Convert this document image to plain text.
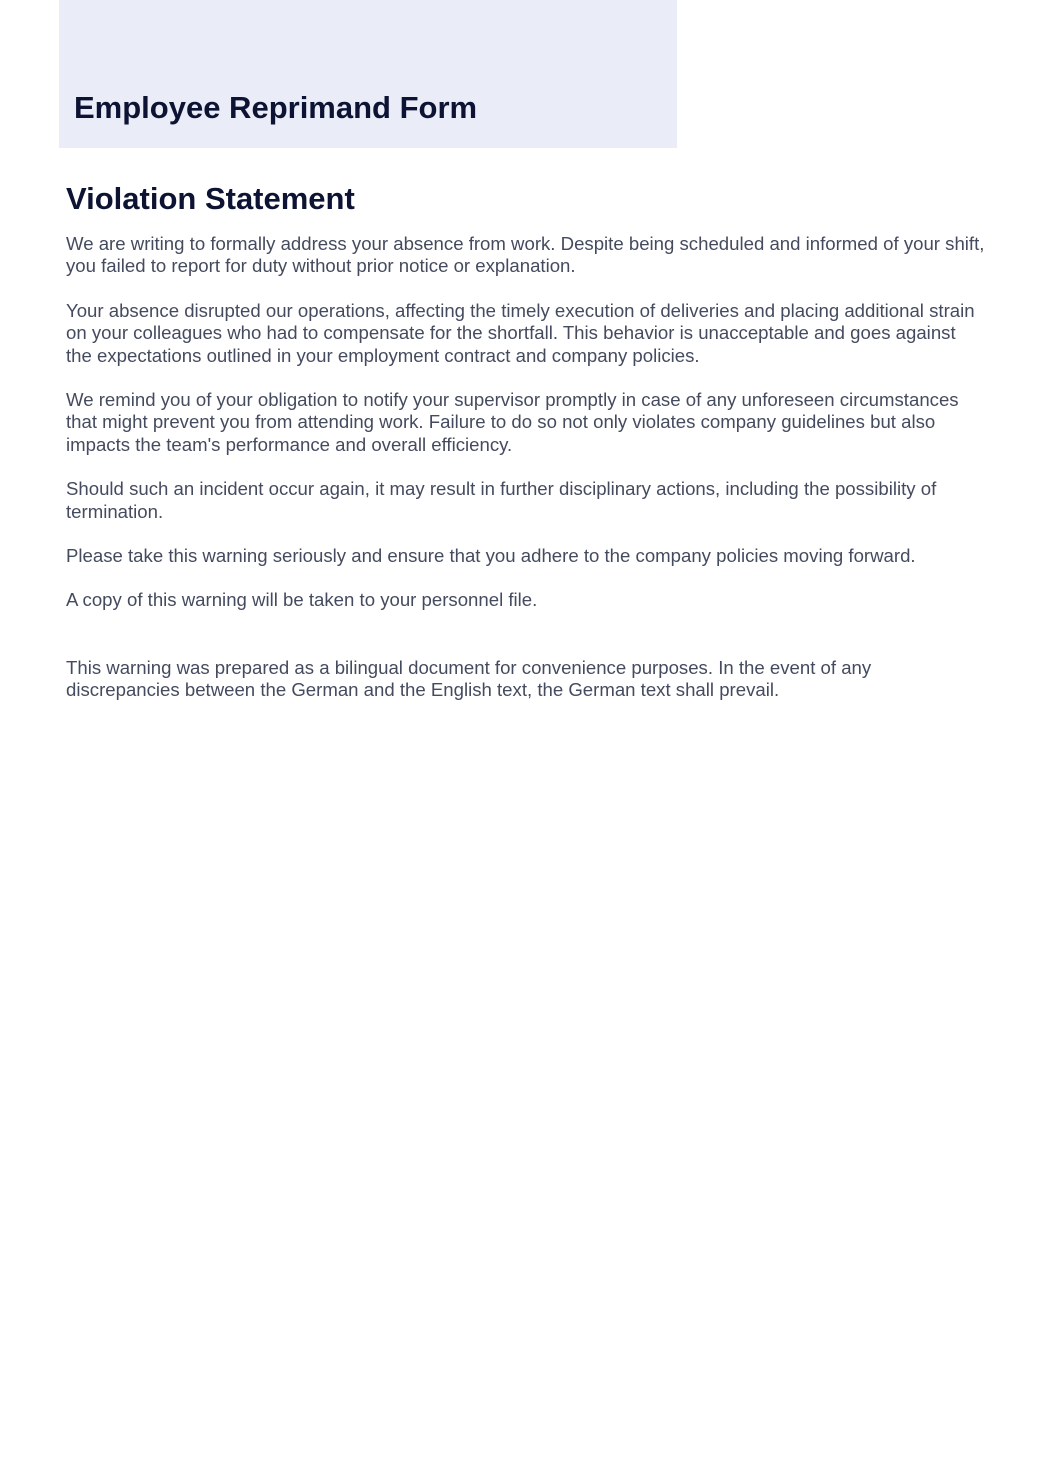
Employee Reprimand Form
Violation Statement

We are writing to formally address your absence from work. Despite being scheduled and informed of your shift, you failed to report for duty without prior notice or explanation.

Your absence disrupted our operations, affecting the timely execution of deliveries and placing additional strain on your colleagues who had to compensate for the shortfall. This behavior is unacceptable and goes against the expectations outlined in your employment contract and company policies.

We remind you of your obligation to notify your supervisor promptly in case of any unforeseen circumstances that might prevent you from attending work. Failure to do so not only violates company guidelines but also impacts the team's performance and overall efficiency.

Should such an incident occur again, it may result in further disciplinary actions, including the possibility of termination.

Please take this warning seriously and ensure that you adhere to the company policies moving forward.

A copy of this warning will be taken to your personnel file.

This warning was prepared as a bilingual document for convenience purposes. In the event of any discrepancies between the German and the English text, the German text shall prevail.
